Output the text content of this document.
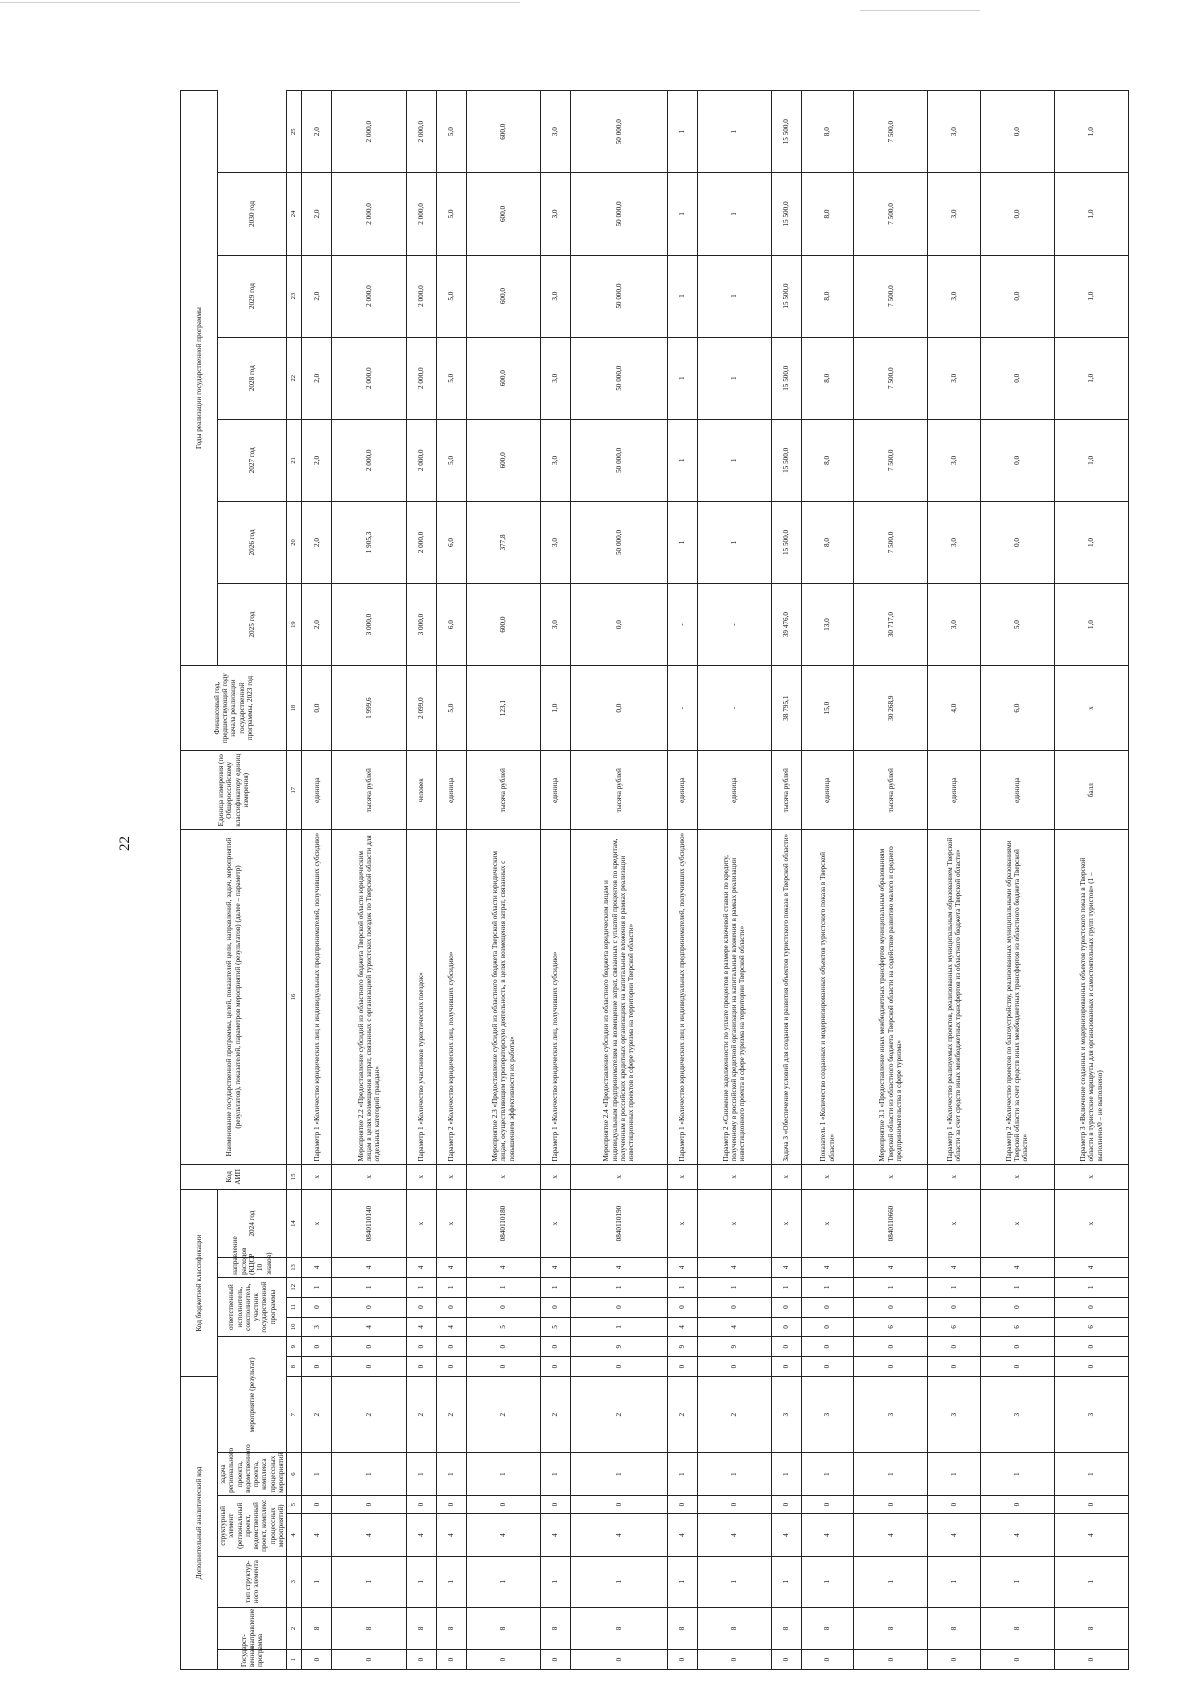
22
Дополнительный аналитический код							Код бюджетной классификации							Код АИП	Наименование государственной программы, целей, показателей цели, направлений, задач, мероприятий (результатов), показателей, параметров мероприятий (результатов) (далее – параметр)	Единица измерения (по Общероссийскому классификатору единиц измерения)	Финансовый год, предшествующий году начала реализации государственной программы, 2023 год	Годы реализации государственной программы						
Государст-венная программа	направление	тип структур-ного элемента	структурный элемент (региональный проект, ведомственный проект, комплекс процессных мероприятий)		задача регионального проекта, ведомственного проекта, комплекса процессных мероприятий	мероприятие (результат)			ответственный исполнитель, соисполнитель, участник государственной программы			направление расходов (КЦСР 10 знаков)	2024 год					2025 год	2026 год	2027 год	2028 год	2029 год	2030 год	

1	2	3	4	5	6	7	8	9	10	11	12	13	14	15	16	17	18	19	20	21	22	23	24	25
0	8	1	4	0	1	2	0	0	3	0	1	4	х	х	Параметр 1 «Количество юридических лиц и индивидуальных предпринимателей, получивших субсидию»	единица	0,0	2,0	2,0	2,0	2,0	2,0	2,0	2,0
0	8	1	4	0	1	2	0	0	4	0	1	4	0840110140	х	Мероприятие 2.2 «Предоставление субсидий из областного бюджета Тверской области юридическим лицам в целях возмещения затрат, связанных с организацией туристских поездок по Тверской области для отдельных категорий граждан»	тысяча рублей	1 999,6	3 000,0	1 905,3	2 000,0	2 000,0	2 000,0	2 000,0	2 000,0
0	8	1	4	0	1	2	0	0	4	0	1	4	х	х	Параметр 1 «Количество участников туристических поездок»	человек	2 099,0	3 000,0	2 000,0	2 000,0	2 000,0	2 000,0	2 000,0	2 000,0
0	8	1	4	0	1	2	0	0	4	0	1	4	х	х	Параметр 2 «Количество юридических лиц, получивших субсидию»	единица	5,0	6,0	6,0	5,0	5,0	5,0	5,0	5,0
0	8	1	4	0	1	2	0	0	5	0	1	4	0840110180	х	Мероприятие 2.3 «Предоставление субсидий из областного бюджета Тверской области юридическим лицам, осуществляющим туроператорскую деятельность, в целях возмещения затрат, связанных с повышением эффективности их работы»	тысяча рублей	123,1	600,0	377,8	600,0	600,0	600,0	600,0	600,0
0	8	1	4	0	1	2	0	0	5	0	1	4	х	х	Параметр 1 «Количество юридических лиц, получивших субсидию»	единица	1,0	3,0	3,0	3,0	3,0	3,0	3,0	3,0
0	8	1	4	0	1	2	0	9	1	0	1	4	0840110190	х	Мероприятие 2.4 «Предоставление субсидии из областного бюджета юридическим лицам и индивидуальным предпринимателям на возмещение затрат, связанных с уплатой процентов по кредитам, полученным в российских кредитных организациях на капитальные вложения в рамках реализации инвестиционных проектов в сфере туризма на территории Тверской области»	тысяча рублей	0,0	0,0	50 000,0	50 000,0	50 000,0	50 000,0	50 000,0	50 000,0
0	8	1	4	0	1	2	0	9	4	0	1	4	х	х	Параметр 1 «Количество юридических лиц и индивидуальных предпринимателей, получивших субсидию»	единица	-	-	1	1	1	1	1	1
0	8	1	4	0	1	2	0	9	4	0	1	4	х	х	Параметр 2 «Снижение задолженности по уплате процентов в размере ключевой ставки по кредиту, полученному в российской кредитной организации на капитальные вложения в рамках реализации инвестиционного проекта в сфере туризма на территории Тверской области»	единица	-	-	1	1	1	1	1	1
0	8	1	4	0	1	3	0	0	0	0	1	4	х	х	Задача 3 «Обеспечение условий для создания и развития объектов туристского показа в Тверской области»	тысяча рублей	38 795,1	39 476,0	15 500,0	15 500,0	15 500,0	15 500,0	15 500,0	15 500,0
0	8	1	4	0	1	3	0	0	0	0	1	4	х	х	Показатель 1 «Количество созданных и модернизированных объектов туристского показа в Тверской области»	единица	15,0	13,0	8,0	8,0	8,0	8,0	8,0	8,0
0	8	1	4	0	1	3	0	0	6	0	1	4	0840110660	х	Мероприятие 3.1 «Предоставление иных межбюджетных трансфертов муниципальным образованиям Тверской области из областного бюджета Тверской области на содействие развитию малого и среднего предпринимательства в сфере туризма»	тысяча рублей	30 268,9	30 717,0	7 500,0	7 500,0	7 500,0	7 500,0	7 500,0	7 500,0
0	8	1	4	0	1	3	0	0	6	0	1	4	х	х	Параметр 1 «Количество реализуемых проектов, реализованных муниципальным образованием Тверской области за счет средств иных межбюджетных трансфертов из областного бюджета Тверской области»	единица	4,0	3,0	3,0	3,0	3,0	3,0	3,0	3,0
0	8	1	4	0	1	3	0	0	6	0	1	4	х	х	Параметр 2 «Количество проектов по благоустройству, реализованных муниципальными образованиями Тверской области за счет средств иных межбюджетных трансфертов из областного бюджета Тверской области»	единица	6,0	5,0	0,0	0,0	0,0	0,0	0,0	0,0
0	8	1	4	0	1	3	0	0	6	0	1	4	х	х	Параметр 3 «Включение созданных и модернизированных объектов туристского показа в Тверской области в туристские маршруты для организованных и самостоятельных групп туристов» (1 – выполнено/0 – не выполнено)	балл	х	1,0	1,0	1,0	1,0	1,0	1,0	1,0
